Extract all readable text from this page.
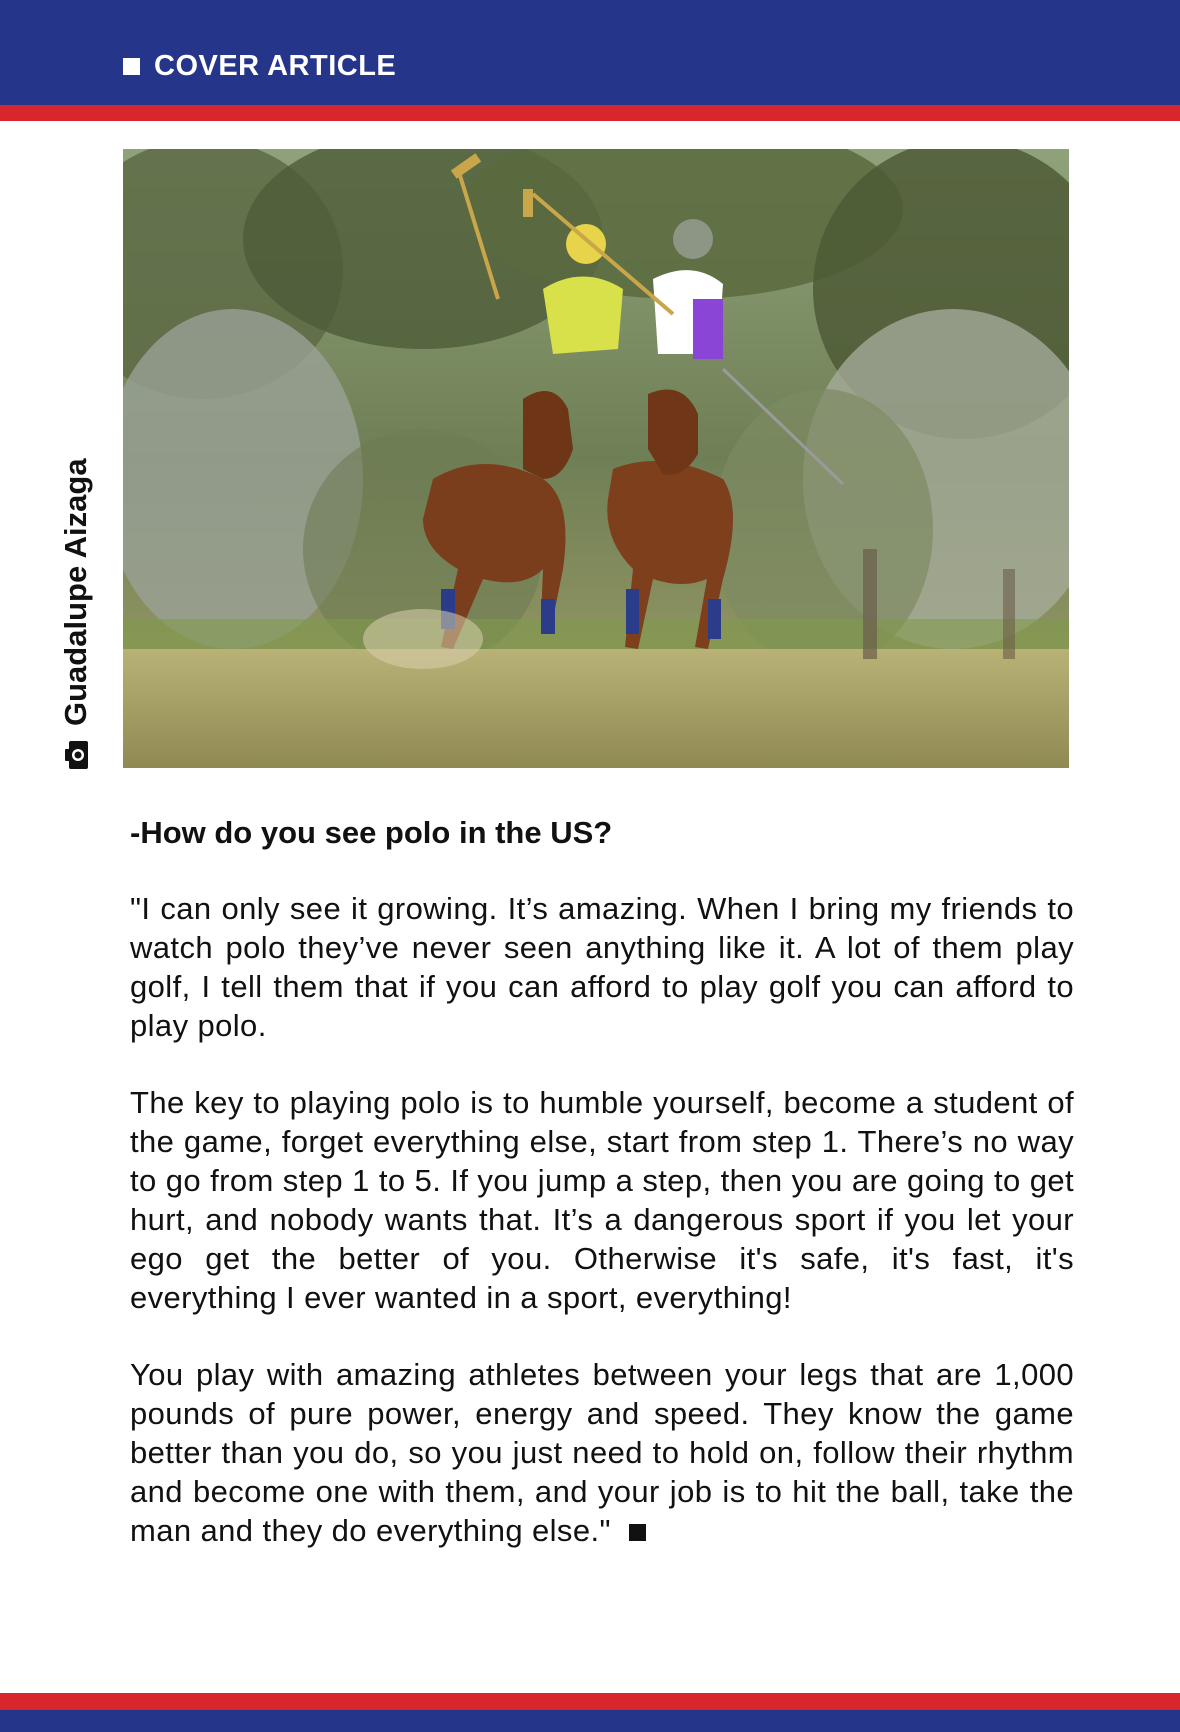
COVER ARTICLE
Guadalupe Aizaga

-How do you see polo in the US?

"I can only see it growing. It’s amazing. When I bring my friends to watch polo they’ve never seen anything like it. A lot of them play golf, I tell them that if you can afford to play golf you can afford to play polo.

The key to playing polo is to humble yourself, become a student of the game, forget everything else, start from step 1. There’s no way to go from step 1 to 5. If you jump a step, then you are going to get hurt, and nobody wants that. It’s a dangerous sport if you let your ego get the better of you. Otherwise it's safe, it's fast, it's everything I ever wanted in a sport, everything!

You play with amazing athletes between your legs that are 1,000 pounds of pure power, energy and speed. They know the game better than you do, so you just need to hold on, follow their rhythm and become one with them, and your job is to hit the ball, take the man and they do everything else."
